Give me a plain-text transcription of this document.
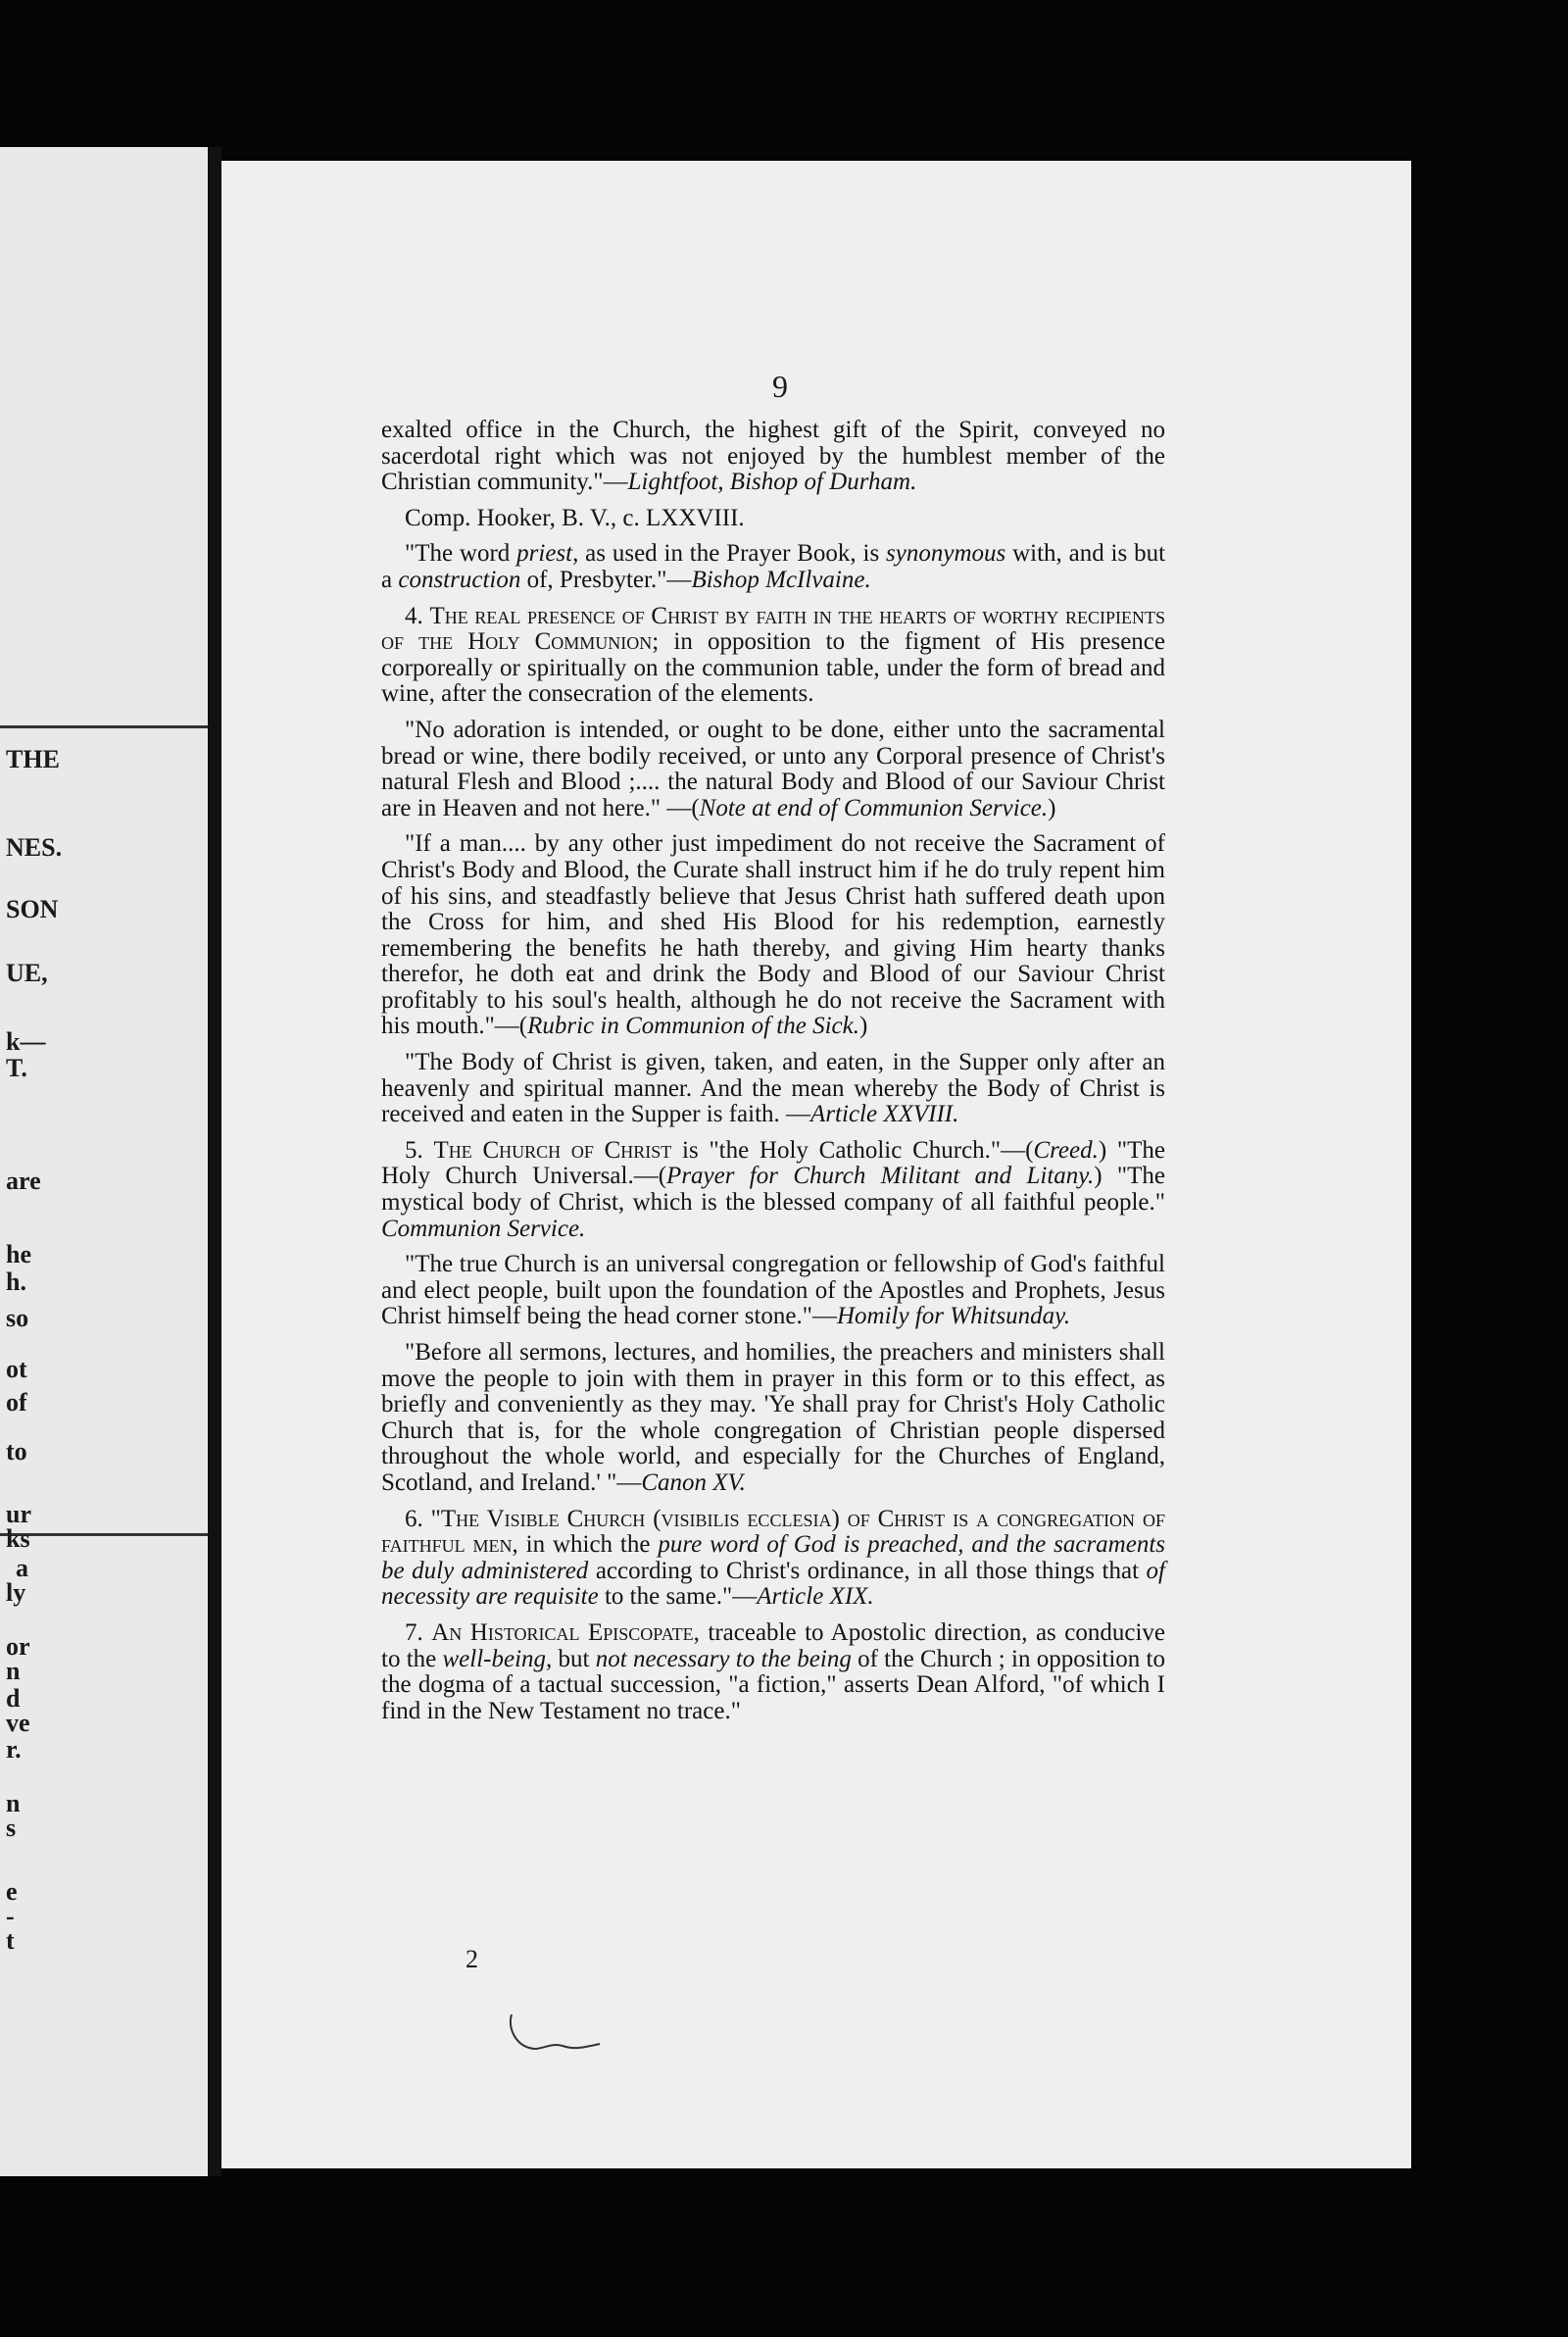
THE
NES.
SON
UE,
k—
T.
are
he
h.
so
ot
of
to
ur
ks
a
ly
or
n
d
ve
r.
n
s
e
-
t
9

exalted office in the Church, the highest gift of the Spirit, conveyed no sacerdotal right which was not enjoyed by the humblest member of the Christian community."—Lightfoot, Bishop of Durham.

Comp. Hooker, B. V., c. LXXVIII.

"The word priest, as used in the Prayer Book, is synonymous with, and is but a construction of, Presbyter."—Bishop McIlvaine.

4. The real presence of Christ by faith in the hearts of worthy recipients of the Holy Communion; in opposition to the figment of His presence corporeally or spiritually on the communion table, under the form of bread and wine, after the consecration of the elements.

"No adoration is intended, or ought to be done, either unto the sacramental bread or wine, there bodily received, or unto any Corporal presence of Christ's natural Flesh and Blood ;.... the natural Body and Blood of our Saviour Christ are in Heaven and not here." —(Note at end of Communion Service.)

"If a man.... by any other just impediment do not receive the Sacrament of Christ's Body and Blood, the Curate shall instruct him if he do truly repent him of his sins, and steadfastly believe that Jesus Christ hath suffered death upon the Cross for him, and shed His Blood for his redemption, earnestly remembering the benefits he hath thereby, and giving Him hearty thanks therefor, he doth eat and drink the Body and Blood of our Saviour Christ profitably to his soul's health, although he do not receive the Sacrament with his mouth."—(Rubric in Communion of the Sick.)

"The Body of Christ is given, taken, and eaten, in the Supper only after an heavenly and spiritual manner. And the mean whereby the Body of Christ is received and eaten in the Supper is faith. —Article XXVIII.

5. The Church of Christ is "the Holy Catholic Church."—(Creed.) "The Holy Church Universal.—(Prayer for Church Militant and Litany.) "The mystical body of Christ, which is the blessed company of all faithful people." Communion Service.

"The true Church is an universal congregation or fellowship of God's faithful and elect people, built upon the foundation of the Apostles and Prophets, Jesus Christ himself being the head corner stone."—Homily for Whitsunday.

"Before all sermons, lectures, and homilies, the preachers and ministers shall move the people to join with them in prayer in this form or to this effect, as briefly and conveniently as they may. 'Ye shall pray for Christ's Holy Catholic Church that is, for the whole congregation of Christian people dispersed throughout the whole world, and especially for the Churches of England, Scotland, and Ireland.' "—Canon XV.

6. "The Visible Church (visibilis ecclesia) of Christ is a congregation of faithful men, in which the pure word of God is preached, and the sacraments be duly administered according to Christ's ordinance, in all those things that of necessity are requisite to the same."—Article XIX.

7. An Historical Episcopate, traceable to Apostolic direction, as conducive to the well-being, but not necessary to the being of the Church ; in opposition to the dogma of a tactual succession, "a fiction," asserts Dean Alford, "of which I find in the New Testament no trace."

2
